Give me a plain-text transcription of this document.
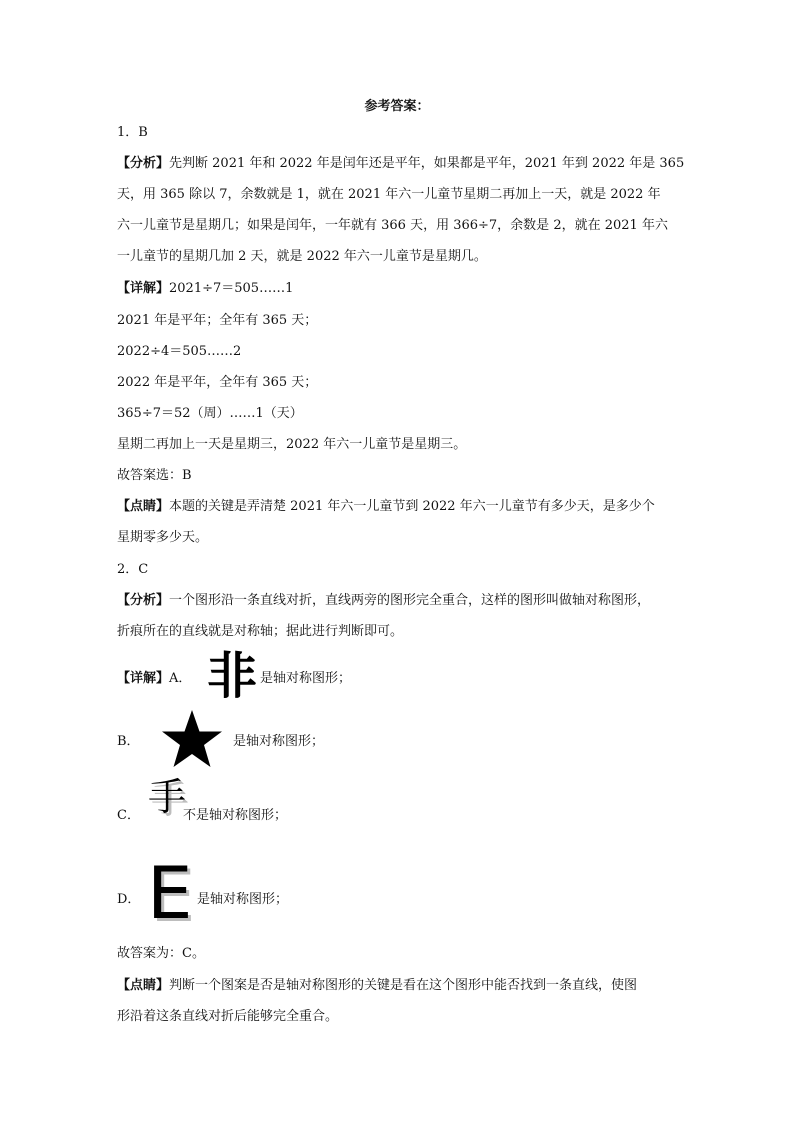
参考答案：
1．B
【分析】先判断 2021 年和 2022 年是闰年还是平年，如果都是平年，2021 年到 2022 年是 365
天，用 365 除以 7，余数就是 1，就在 2021 年六一儿童节星期二再加上一天，就是 2022 年
六一儿童节是星期几；如果是闰年，一年就有 366 天，用 366÷7，余数是 2，就在 2021 年六
一儿童节的星期几加 2 天，就是 2022 年六一儿童节是星期几。
【详解】2021÷7＝505……1
2021 年是平年；全年有 365 天；
2022÷4＝505……2
2022 年是平年，全年有 365 天；
365÷7＝52（周）……1（天）
星期二再加上一天是星期三，2022 年六一儿童节是星期三。
故答案选：B
【点睛】本题的关键是弄清楚 2021 年六一儿童节到 2022 年六一儿童节有多少天，是多少个
星期零多少天。
2．C
【分析】一个图形沿一条直线对折，直线两旁的图形完全重合，这样的图形叫做轴对称图形，
折痕所在的直线就是对称轴；据此进行判断即可。
【详解】A． 非 是轴对称图形；
B．	是轴对称图形；
C． 手
不是轴对称图形；
D． E 是轴对称图形；
故答案为：C。
【点睛】判断一个图案是否是轴对称图形的关键是看在这个图形中能否找到一条直线，使图
形沿着这条直线对折后能够完全重合。
